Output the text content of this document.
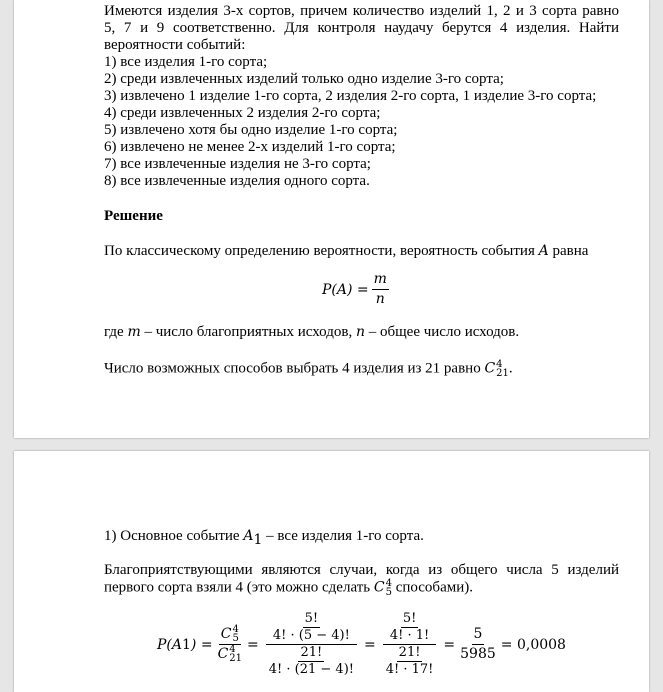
Имеются изделия 3-х сортов, причем количество изделий 1, 2 и 3 сорта равно
5, 7 и 9 соответственно. Для контроля наудачу берутся 4 изделия. Найти
вероятности событий:
1) все изделия 1-го сорта;
2) среди извлеченных изделий только одно изделие 3-го сорта;
3) извлечено 1 изделие 1-го сорта, 2 изделия 2-го сорта, 1 изделие 3-го сорта;
4) среди извлеченных 2 изделия 2-го сорта;
5) извлечено хотя бы одно изделие 1-го сорта;
6) извлечено не менее 2-х изделий 1-го сорта;
7) все извлеченные изделия не 3-го сорта;
8) все извлеченные изделия одного сорта.
Решение
По классическому определению вероятности, вероятность события A равна
$P(A) = \frac{m}{n}$
где m – число благоприятных исходов, n – общее число исходов.
Число возможных способов выбрать 4 изделия из 21 равно C 4
21 .
1) Основное событие $A_1$ – все изделия 1-го сорта.
Благоприятствующими являются случаи, когда из общего числа 5 изделий
первого сорта взяли 4 (это можно сделать C 4
5 способами).
P(A 1 ) = C 4
5
C 4
$21 = \frac{\frac{5!}{4! \cdot (5 - 4)!}}{\frac{21!}{4! \cdot (21 - 4)!}} = \frac{\frac{5!}{4! \cdot 1!}}{\frac{21!}{4! \cdot 17!}} = \frac{5}{5985} = 0,0008$
